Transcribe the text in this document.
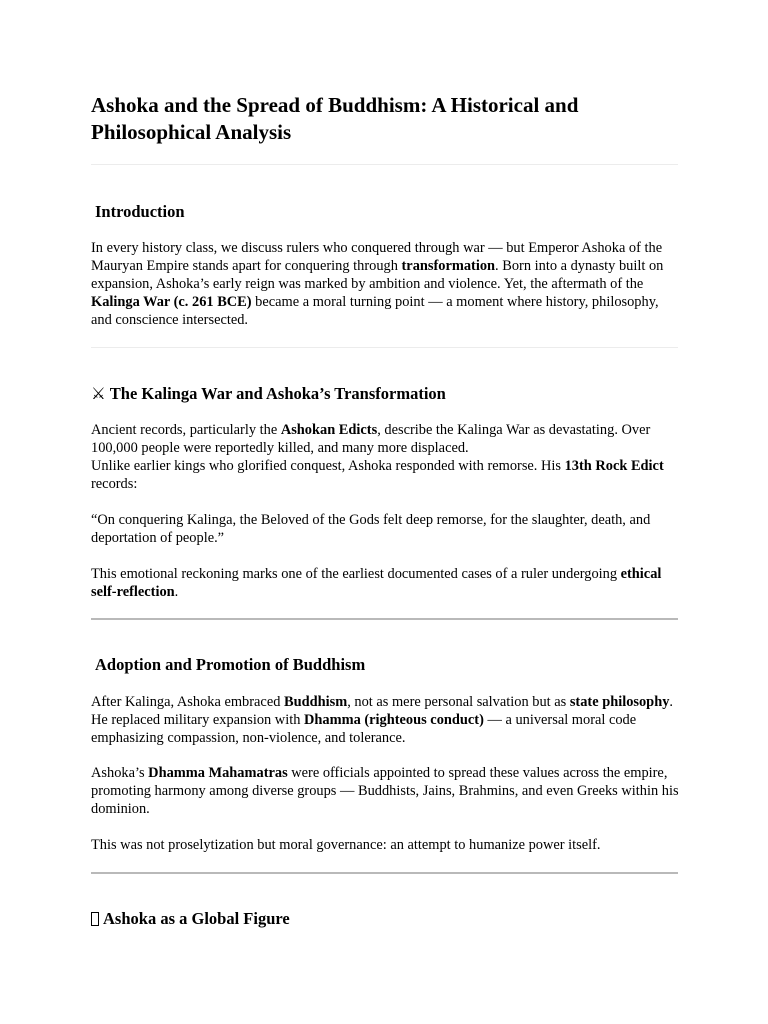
Ashoka and the Spread of Buddhism: A Historical and Philosophical Analysis
Introduction

In every history class, we discuss rulers who conquered through war — but Emperor Ashoka of the Mauryan Empire stands apart for conquering through transformation. Born into a dynasty built on expansion, Ashoka’s early reign was marked by ambition and violence. Yet, the aftermath of the Kalinga War (c. 261 BCE) became a moral turning point — a moment where history, philosophy, and conscience intersected.

⚔ The Kalinga War and Ashoka’s Transformation

Ancient records, particularly the Ashokan Edicts, describe the Kalinga War as devastating. Over 100,000 people were reportedly killed, and many more displaced.
Unlike earlier kings who glorified conquest, Ashoka responded with remorse. His 13th Rock Edict records:

“On conquering Kalinga, the Beloved of the Gods felt deep remorse, for the slaughter, death, and deportation of people.”

This emotional reckoning marks one of the earliest documented cases of a ruler undergoing ethical self-reflection.

Adoption and Promotion of Buddhism

After Kalinga, Ashoka embraced Buddhism, not as mere personal salvation but as state philosophy. He replaced military expansion with Dhamma (righteous conduct) — a universal moral code emphasizing compassion, non-violence, and tolerance.

Ashoka’s Dhamma Mahamatras were officials appointed to spread these values across the empire, promoting harmony among diverse groups — Buddhists, Jains, Brahmins, and even Greeks within his dominion.

This was not proselytization but moral governance: an attempt to humanize power itself.

Ashoka as a Global Figure
